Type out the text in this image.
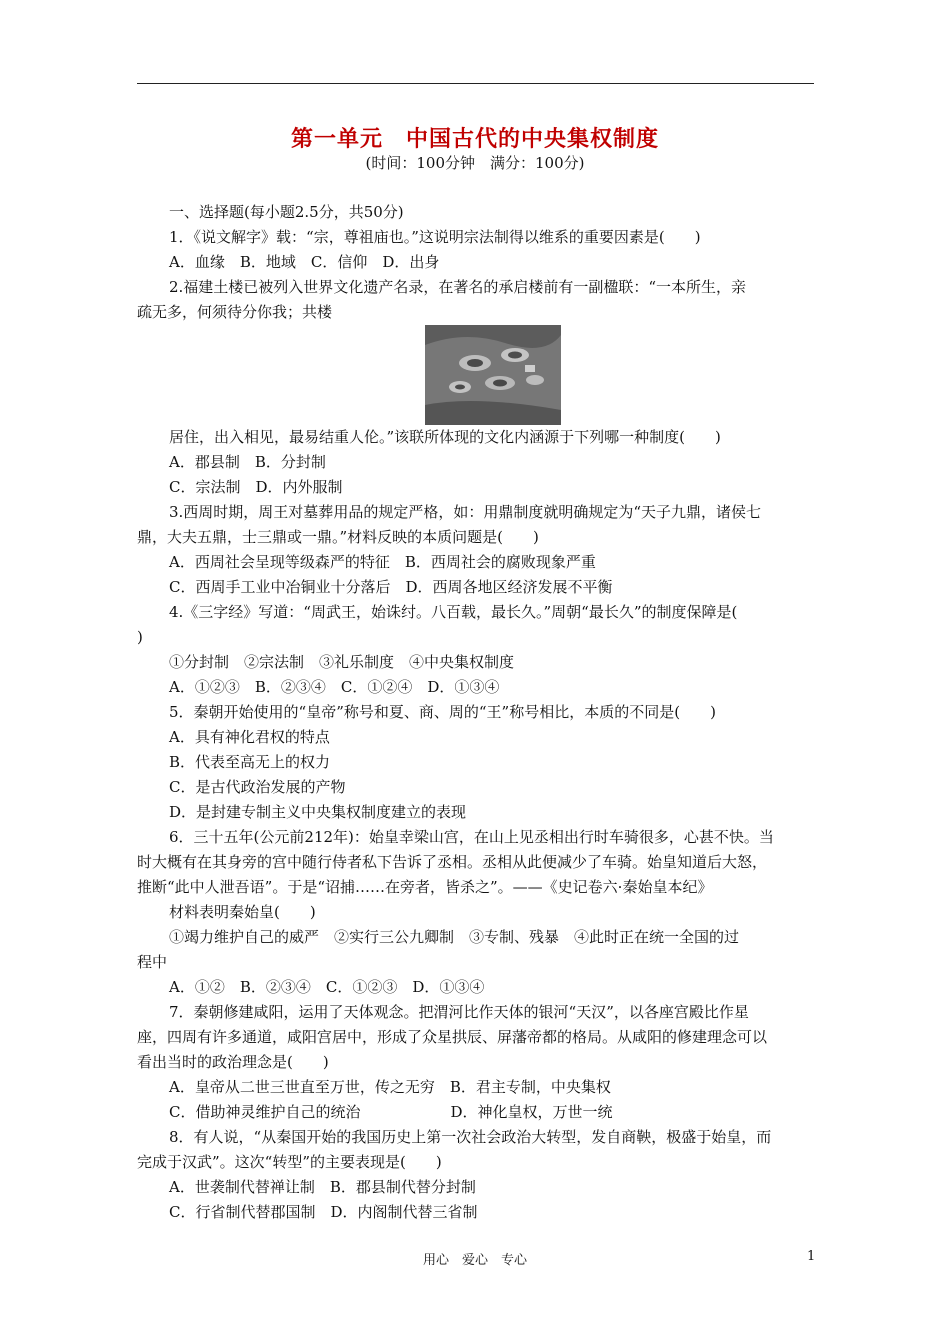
第一单元　中国古代的中央集权制度
(时间：100分钟　满分：100分)
一、选择题(每小题2.5分，共50分)
1．《说文解字》载：“宗，尊祖庙也。”这说明宗法制得以维系的重要因素是(　　)
A．血缘　B．地域　C．信仰　D．出身
2.福建土楼已被列入世界文化遗产名录，在著名的承启楼前有一副楹联：“一本所生，亲
疏无多，何须待分你我；共楼
居住，出入相见，最易结重人伦。”该联所体现的文化内涵源于下列哪一种制度(　　)
A．郡县制　B．分封制
C．宗法制　D．内外服制
3.西周时期，周王对墓葬用品的规定严格，如：用鼎制度就明确规定为“天子九鼎，诸侯七
鼎，大夫五鼎，士三鼎或一鼎。”材料反映的本质问题是(　　)
A．西周社会呈现等级森严的特征　B．西周社会的腐败现象严重
C．西周手工业中冶铜业十分落后　D．西周各地区经济发展不平衡
4.《三字经》写道：“周武王，始诛纣。八百载，最长久。”周朝“最长久”的制度保障是(
)
①分封制　②宗法制　③礼乐制度　④中央集权制度
A．①②③　B．②③④　C．①②④　D．①③④
5．秦朝开始使用的“皇帝”称号和夏、商、周的“王”称号相比，本质的不同是(　　)
A．具有神化君权的特点
B．代表至高无上的权力
C．是古代政治发展的产物
D．是封建专制主义中央集权制度建立的表现
6．三十五年(公元前212年)：始皇幸梁山宫，在山上见丞相出行时车骑很多，心甚不快。当
时大概有在其身旁的宫中随行侍者私下告诉了丞相。丞相从此便减少了车骑。始皇知道后大怒，
推断“此中人泄吾语”。于是“诏捕……在旁者，皆杀之”。——《史记卷六·秦始皇本纪》
材料表明秦始皇(　　)
①竭力维护自己的威严　②实行三公九卿制　③专制、残暴　④此时正在统一全国的过
程中
A．①②　B．②③④　C．①②③　D．①③④
7．秦朝修建咸阳，运用了天体观念。把渭河比作天体的银河“天汉”，以各座宫殿比作星
座，四周有许多通道，咸阳宫居中，形成了众星拱辰、屏藩帝都的格局。从咸阳的修建理念可以
看出当时的政治理念是(　　)
A．皇帝从二世三世直至万世，传之无穷　B．君主专制，中央集权
C．借助神灵维护自己的统治　　　　　　D．神化皇权，万世一统
8．有人说，“从秦国开始的我国历史上第一次社会政治大转型，发自商鞅，极盛于始皇，而
完成于汉武”。这次“转型”的主要表现是(　　)
A．世袭制代替禅让制　B．郡县制代替分封制
C．行省制代替郡国制　D．内阁制代替三省制
用心　爱心　专心	1
